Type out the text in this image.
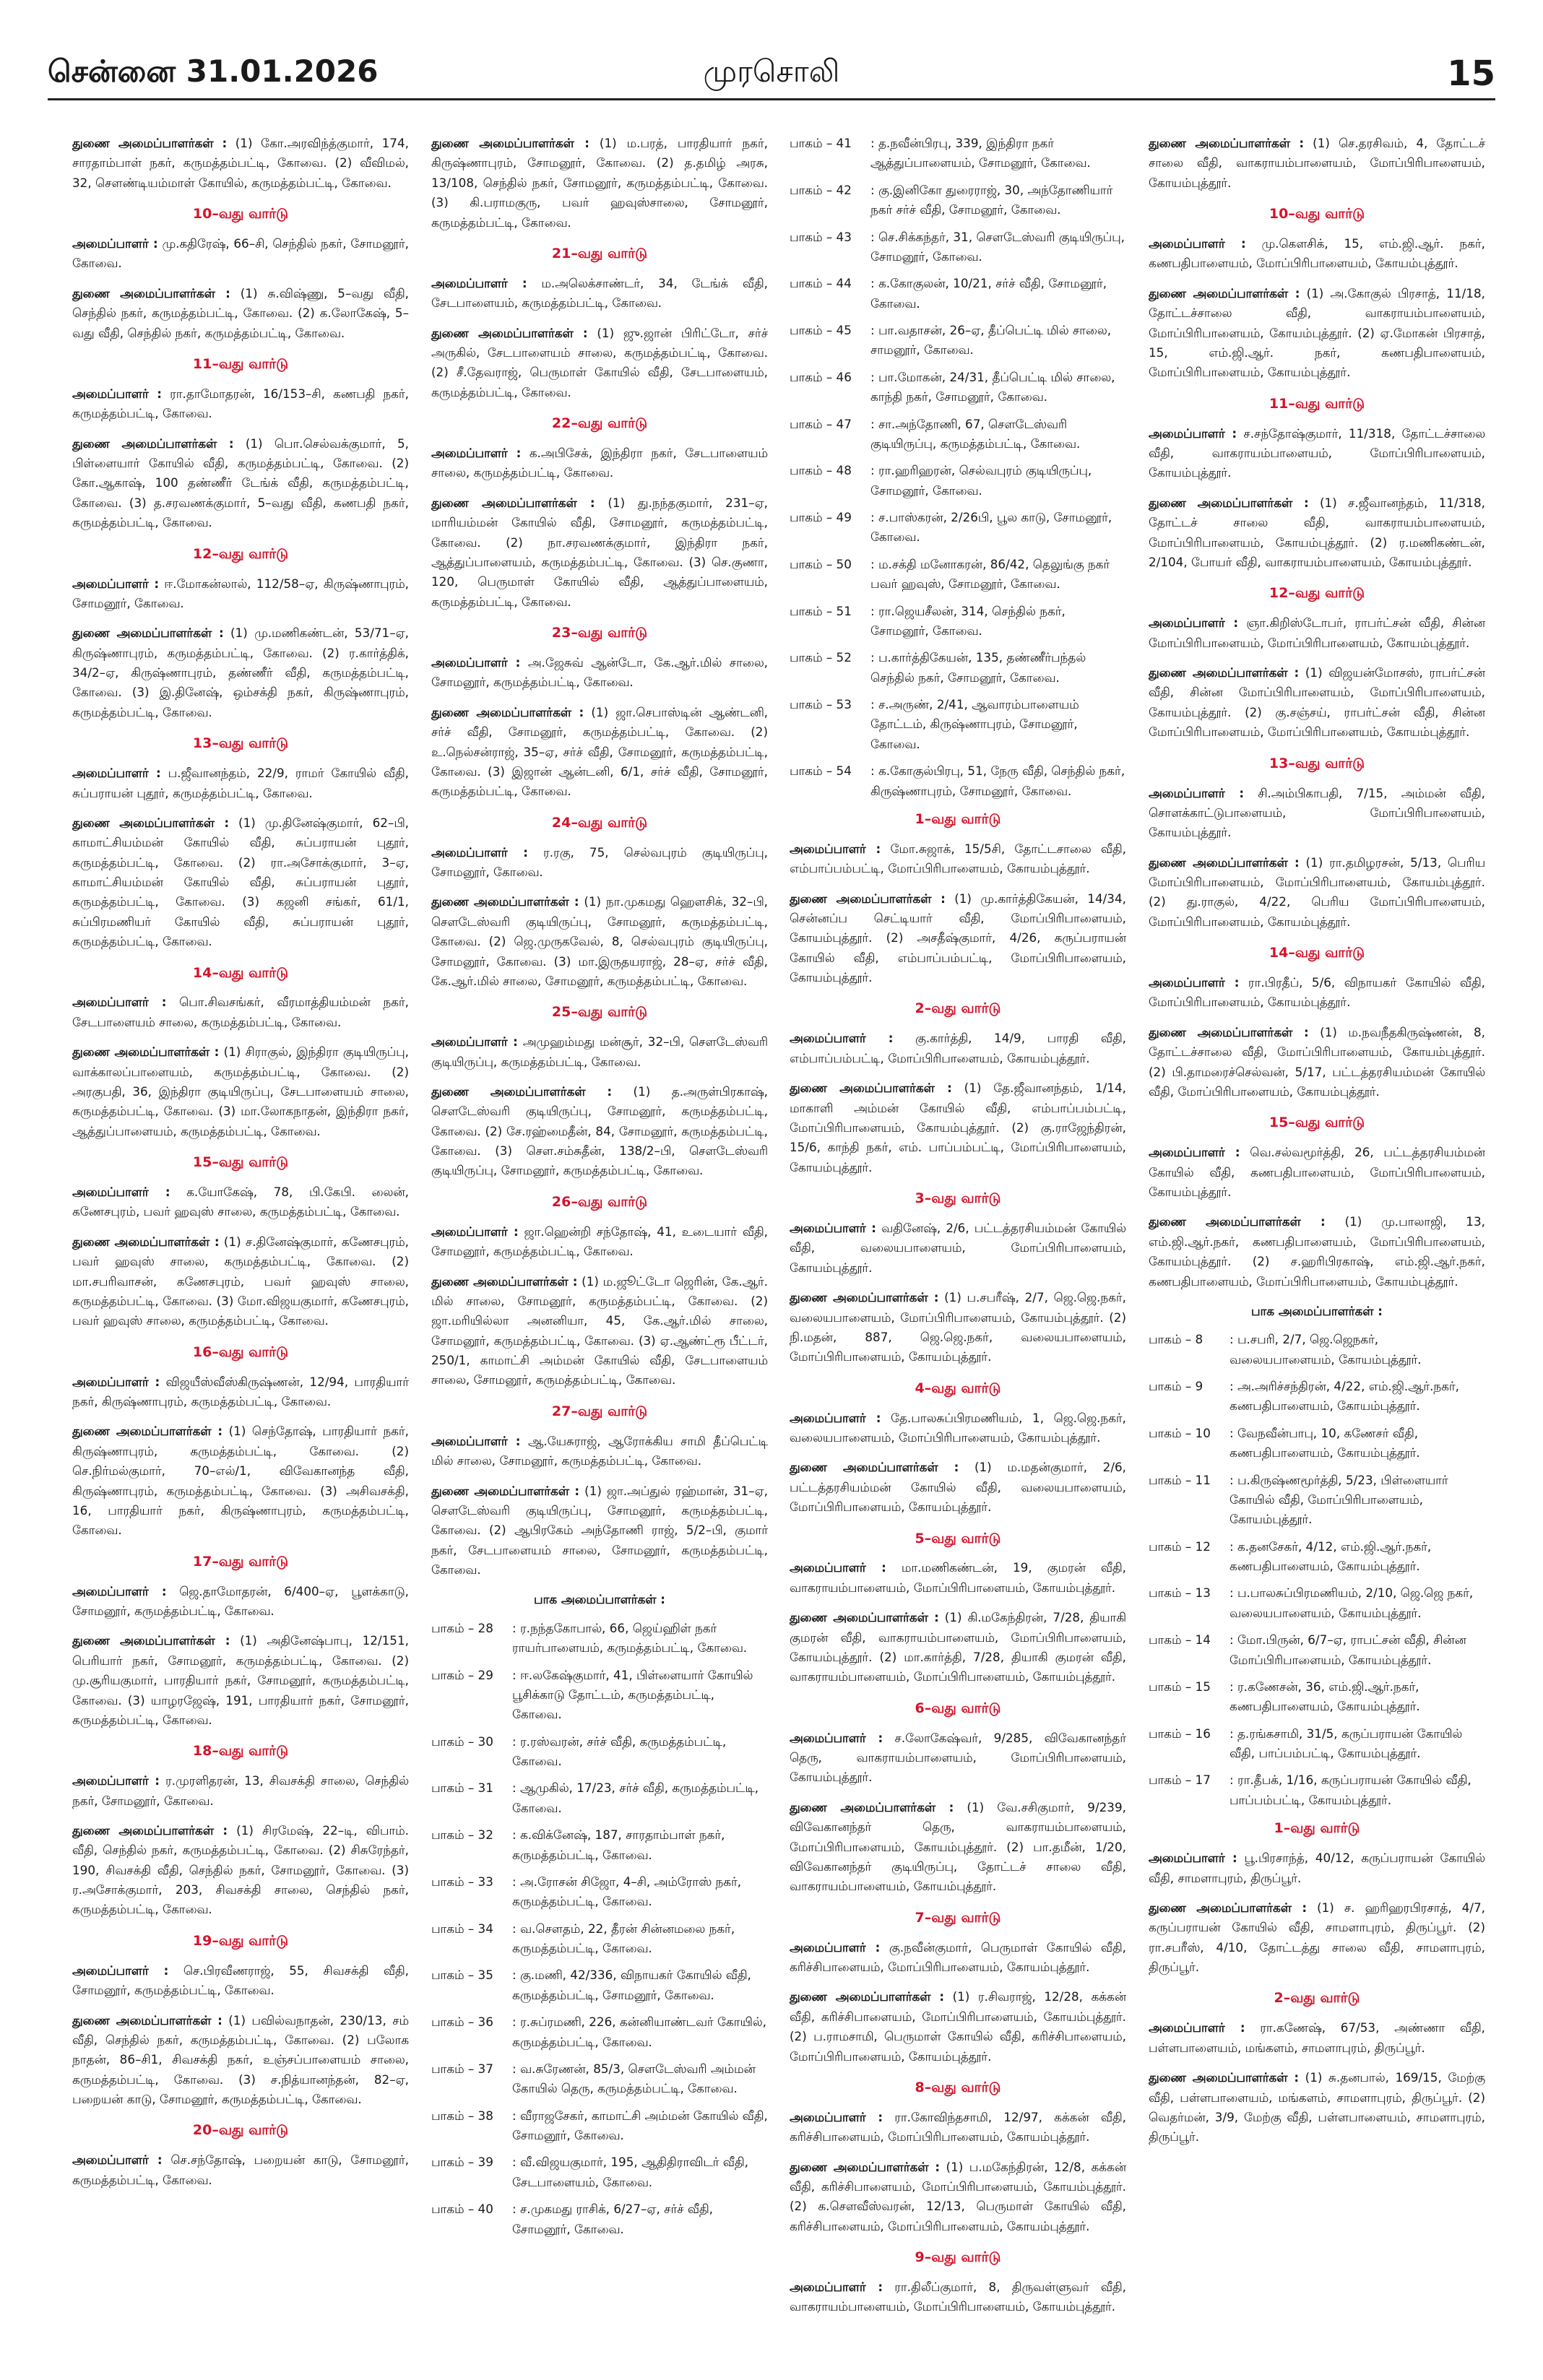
சென்னை 31.01.2026	முரசொலி	15

துணை அமைப்பாளர்கள் : (1) கோ.அரவிந்த்குமார், 174, சாரதாம்பாள் நகர், கருமத்தம்பட்டி, கோவை. (2) வீவிமல், 32, சௌண்டியம்மாள் கோயில், கருமத்தம்பட்டி, கோவை.

10–வது வார்டு

அமைப்பாளர் : மு.கதிரேஷ், 66–சி, செந்தில் நகர், சோமனூர், கோவை.

துணை அமைப்பாளர்கள் : (1) சு.விஷ்ணு, 5–வது வீதி, செந்தில் நகர், கருமத்தம்பட்டி, கோவை. (2) க.லோகேஷ், 5–வது வீதி, செந்தில் நகர், கருமத்தம்பட்டி, கோவை.

11–வது வார்டு

அமைப்பாளர் : ரா.தாமோதரன், 16/153–சி, கணபதி நகர், கருமத்தம்பட்டி, கோவை.

துணை அமைப்பாளர்கள் : (1) பொ.செல்வக்குமார், 5, பிள்ளையார் கோயில் வீதி, கருமத்தம்பட்டி, கோவை. (2) கோ.ஆகாஷ், 100 தண்ணீர் டேங்க் வீதி, கருமத்தம்பட்டி, கோவை. (3) த.சரவணக்குமார், 5–வது வீதி, கணபதி நகர், கருமத்தம்பட்டி, கோவை.

12–வது வார்டு

அமைப்பாளர் : ஈ.மோகன்லால், 112/58–ஏ, கிருஷ்ணாபுரம், சோமனூர், கோவை.

துணை அமைப்பாளர்கள் : (1) மு.மணிகண்டன், 53/71–ஏ, கிருஷ்ணாபுரம், கருமத்தம்பட்டி, கோவை. (2) ர.கார்த்திக், 34/2–ஏ, கிருஷ்ணாபுரம், தண்ணீர் வீதி, கருமத்தம்பட்டி, கோவை. (3) இ.தினேஷ், ஒம்சக்தி நகர், கிருஷ்ணாபுரம், கருமத்தம்பட்டி, கோவை.

13–வது வார்டு

அமைப்பாளர் : ப.ஜீவானந்தம், 22/9, ராமர் கோயில் வீதி, சுப்பராயன் புதூர், கருமத்தம்பட்டி, கோவை.

துணை அமைப்பாளர்கள் : (1) மு.தினேஷ்குமார், 62–பி, காமாட்சியம்மன் கோயில் வீதி, சுப்பராயன் புதூர், கருமத்தம்பட்டி, கோவை. (2) ரா.அசோக்குமார், 3–ஏ, காமாட்சியம்மன் கோயில் வீதி, சுப்பராயன் புதூர், கருமத்தம்பட்டி, கோவை. (3) கஜனி சங்கர், 61/1, சுப்பிரமணியர் கோயில் வீதி, சுப்பராயன் புதூர், கருமத்தம்பட்டி, கோவை.

14–வது வார்டு

அமைப்பாளர் : பொ.சிவசங்கர், வீரமாத்தியம்மன் நகர், சேடபாளையம் சாலை, கருமத்தம்பட்டி, கோவை.

துணை அமைப்பாளர்கள் : (1) சிராகுல், இந்திரா குடியிருப்பு, வாக்காலப்பாளையம், கருமத்தம்பட்டி, கோவை. (2) அரகுபதி, 36, இந்திரா குடியிருப்பு, சேடபாளையம் சாலை, கருமத்தம்பட்டி, கோவை. (3) மா.லோகநாதன், இந்திரா நகர், ஆத்துப்பாளையம், கருமத்தம்பட்டி, கோவை.

15–வது வார்டு

அமைப்பாளர் : க.யோகேஷ், 78, பி.கேபி. லைன், கணேசபுரம், பவர் ஹவுஸ் சாலை, கருமத்தம்பட்டி, கோவை.

துணை அமைப்பாளர்கள் : (1) ச.தினேஷ்குமார், கணேசபுரம், பவர் ஹவுஸ் சாலை, கருமத்தம்பட்டி, கோவை. (2) மா.சபரிவாசன், கணேசபுரம், பவர் ஹவுஸ் சாலை, கருமத்தம்பட்டி, கோவை. (3) மோ.விஜயகுமார், கணேசபுரம், பவர் ஹவுஸ் சாலை, கருமத்தம்பட்டி, கோவை.

16–வது வார்டு

அமைப்பாளர் : விஜயீஸ்வீஸ்கிருஷ்ணன், 12/94, பாரதியார் நகர், கிருஷ்ணாபுரம், கருமத்தம்பட்டி, கோவை.

துணை அமைப்பாளர்கள் : (1) செந்தோஷ், பாரதியார் நகர், கிருஷ்ணாபுரம், கருமத்தம்பட்டி, கோவை. (2) செ.நிர்மல்குமார், 70–எல்/1, விவேகானந்த வீதி, கிருஷ்ணாபுரம், கருமத்தம்பட்டி, கோவை. (3) அசிவசக்தி, 16, பாரதியார் நகர், கிருஷ்ணாபுரம், கருமத்தம்பட்டி, கோவை.

17–வது வார்டு

அமைப்பாளர் : ஜெ.தாமோதரன், 6/400–ஏ, பூளக்காடு, சோமனூர், கருமத்தம்பட்டி, கோவை.

துணை அமைப்பாளர்கள் : (1) அதினேஷ்பாபு, 12/151, பெரியார் நகர், சோமனூர், கருமத்தம்பட்டி, கோவை. (2) மு.சூரியகுமார், பாரதியார் நகர், சோமனூர், கருமத்தம்பட்டி, கோவை. (3) யாழரஜேஷ், 191, பாரதியார் நகர், சோமனூர், கருமத்தம்பட்டி, கோவை.

18–வது வார்டு

அமைப்பாளர் : ர.முரளிதரன், 13, சிவசக்தி சாலை, செந்தில் நகர், சோமனூர், கோவை.

துணை அமைப்பாளர்கள் : (1) சிரமேஷ், 22–டி, விபாம். வீதி, செந்தில் நகர், கருமத்தம்பட்டி, கோவை. (2) சிசுரேந்தர், 190, சிவசக்தி வீதி, செந்தில் நகர், சோமனூர், கோவை. (3) ர.அசோக்குமார், 203, சிவசக்தி சாலை, செந்தில் நகர், கருமத்தம்பட்டி, கோவை.

19–வது வார்டு

அமைப்பாளர் : செ.பிரவீணராஜ், 55, சிவசக்தி வீதி, சோமனூர், கருமத்தம்பட்டி, கோவை.

துணை அமைப்பாளர்கள் : (1) பவில்வநாதன், 230/13, சம் வீதி, செந்தில் நகர், கருமத்தம்பட்டி, கோவை. (2) பலோக நாதன், 86–சி1, சிவசக்தி நகர், உஞ்சப்பாளையம் சாலை, கருமத்தம்பட்டி, கோவை. (3) ச.நித்யானந்தன், 82–ஏ, பறையன் காடு, சோமனூர், கருமத்தம்பட்டி, கோவை.

20–வது வார்டு

அமைப்பாளர் : செ.சந்தோஷ், பறையன் காடு, சோமனூர், கருமத்தம்பட்டி, கோவை.

துணை அமைப்பாளர்கள் : (1) ம.பரத், பாரதியார் நகர், கிருஷ்ணாபுரம், சோமனூர், கோவை. (2) த.தமிழ் அரசு, 13/108, செந்தில் நகர், சோமனூர், கருமத்தம்பட்டி, கோவை. (3) கி.பராமகுரு, பவர் ஹவுஸ்சாலை, சோமனூர், கருமத்தம்பட்டி, கோவை.

21–வது வார்டு

அமைப்பாளர் : ம.அலெக்சாண்டர், 34, டேங்க் வீதி, சேடபாளையம், கருமத்தம்பட்டி, கோவை.

துணை அமைப்பாளர்கள் : (1) ஜு.ஜான் பிரிட்டோ, சர்ச் அருகில், சேடபாளையம் சாலை, கருமத்தம்பட்டி, கோவை. (2) சீ.தேவராஜ், பெருமாள் கோயில் வீதி, சேடபாளையம், கருமத்தம்பட்டி, கோவை.

22–வது வார்டு

அமைப்பாளர் : க.அபிசேக், இந்திரா நகர், சேடபாளையம் சாலை, கருமத்தம்பட்டி, கோவை.

துணை அமைப்பாளர்கள் : (1) து.நந்தகுமார், 231–ஏ, மாரியம்மன் கோயில் வீதி, சோமனூர், கருமத்தம்பட்டி, கோவை. (2) நா.சரவணக்குமார், இந்திரா நகர், ஆத்துப்பாளையம், கருமத்தம்பட்டி, கோவை. (3) செ.குணா, 120, பெருமாள் கோயில் வீதி, ஆத்துப்பாளையம், கருமத்தம்பட்டி, கோவை.

23–வது வார்டு

அமைப்பாளர் : அ.ஜேசுவ் ஆன்டோ, கே.ஆர்.மில் சாலை, சோமனூர், கருமத்தம்பட்டி, கோவை.

துணை அமைப்பாளர்கள் : (1) ஜா.செபாஸ்டின் ஆண்டனி, சர்ச் வீதி, சோமனூர், கருமத்தம்பட்டி, கோவை. (2) உ.நெல்சன்ராஜ், 35–ஏ, சர்ச் வீதி, சோமனூர், கருமத்தம்பட்டி, கோவை. (3) இஜான் ஆன்டனி, 6/1, சர்ச் வீதி, சோமனூர், கருமத்தம்பட்டி, கோவை.

24–வது வார்டு

அமைப்பாளர் : ர.ரகு, 75, செல்வபுரம் குடியிருப்பு, சோமனூர், கோவை.

துணை அமைப்பாளர்கள் : (1) நா.முகமது ஹௌசிக், 32–பி, சௌடேஸ்வரி குடியிருப்பு, சோமனூர், கருமத்தம்பட்டி, கோவை. (2) ஜெ.முருகவேல், 8, செல்வபுரம் குடியிருப்பு, சோமனூர், கோவை. (3) மா.இருதயராஜ், 28–ஏ, சர்ச் வீதி, கே.ஆர்.மில் சாலை, சோமனூர், கருமத்தம்பட்டி, கோவை.

25–வது வார்டு

அமைப்பாளர் : அமுஹம்மது மன்சூர், 32–பி, சௌடேஸ்வரி குடியிருப்பு, கருமத்தம்பட்டி, கோவை.

துணை அமைப்பாளர்கள் : (1) த.அருள்பிரகாஷ், சௌடேஸ்வரி குடியிருப்பு, சோமனூர், கருமத்தம்பட்டி, கோவை. (2) சே.ரஹ்மைதீன், 84, சோமனூர், கருமத்தம்பட்டி, கோவை. (3) சௌ.சம்சுதீன், 138/2–பி, சௌடேஸ்வரி குடியிருப்பு, சோமனூர், கருமத்தம்பட்டி, கோவை.

26–வது வார்டு

அமைப்பாளர் : ஜா.ஹென்றி சந்தோஷ், 41, உடையார் வீதி, சோமனூர், கருமத்தம்பட்டி, கோவை.

துணை அமைப்பாளர்கள் : (1) ம.ஜூட்டோ ஜெரின், கே.ஆர். மில் சாலை, சோமனூர், கருமத்தம்பட்டி, கோவை. (2) ஜா.மரியில்லா அனனியா, 45, கே.ஆர்.மில் சாலை, சோமனூர், கருமத்தம்பட்டி, கோவை. (3) ஏ.ஆண்ட்ரூ பீட்டர், 250/1, காமாட்சி அம்மன் கோயில் வீதி, சேடபாளையம் சாலை, சோமனூர், கருமத்தம்பட்டி, கோவை.

27–வது வார்டு

அமைப்பாளர் : ஆ.யேசுராஜ், ஆரோக்கிய சாமி தீப்பெட்டி மில் சாலை, சோமனூர், கருமத்தம்பட்டி, கோவை.

துணை அமைப்பாளர்கள் : (1) ஜா.அப்துல் ரஹ்மான், 31–ஏ, சௌடேஸ்வரி குடியிருப்பு, சோமனூர், கருமத்தம்பட்டி, கோவை. (2) ஆபிரகேம் அந்தோணி ராஜ், 5/2–பி, குமார் நகர், சேடபாளையம் சாலை, சோமனூர், கருமத்தம்பட்டி, கோவை.

பாக அமைப்பாளர்கள் :
பாகம் – 28	: ர.நந்தகோபால், 66, ஜெய்ஹிள் நகர் ராயர்பாளையம், கருமத்தம்பட்டி, கோவை.
பாகம் – 29	: ஈ.லகேஷ்குமார், 41, பிள்ளையார் கோயில் பூசிக்காடு தோட்டம், கருமத்தம்பட்டி, கோவை.
பாகம் – 30	: ர.ரஸ்வரன், சர்ச் வீதி, கருமத்தம்பட்டி, கோவை.
பாகம் – 31	: ஆமுகில், 17/23, சர்ச் வீதி, கருமத்தம்பட்டி, கோவை.
பாகம் – 32	: க.விக்னேஷ், 187, சாரதாம்பாள் நகர், கருமத்தம்பட்டி, கோவை.
பாகம் – 33	: அ.ரோசன் சிஜோ, 4–சி, அம்ரோஸ் நகர், கருமத்தம்பட்டி, கோவை.
பாகம் – 34	: வ.சௌதம், 22, தீரன் சின்னமலை நகர், கருமத்தம்பட்டி, கோவை.
பாகம் – 35	: கு.மணி, 42/336, விநாயகர் கோயில் வீதி, கருமத்தம்பட்டி, சோமனூர், கோவை.
பாகம் – 36	: ர.சுப்ரமணி, 226, கன்னியாண்டவர் கோயில், கருமத்தம்பட்டி, கோவை.
பாகம் – 37	: வ.சுரேணன், 85/3, சௌடேஸ்வரி அம்மன் கோயில் தெரு, கருமத்தம்பட்டி, கோவை.
பாகம் – 38	: வீராஜசேகர், காமாட்சி அம்மன் கோயில் வீதி, சோமனூர், கோவை.
பாகம் – 39	: வீ.விஜயகுமார், 195, ஆதிதிராவிடர் வீதி, சேடபாளையம், கோவை.
பாகம் – 40	: ச.முகமது ராசிக், 6/27–ஏ, சர்ச் வீதி, சோமனூர், கோவை.
பாகம் – 41	: த.நவீன்பிரபு, 339, இந்திரா நகர் ஆத்துப்பாளையம், சோமனூர், கோவை.
பாகம் – 42	: கு.இனிகோ துரைராஜ், 30, அந்தோணியார் நகர் சர்ச் வீதி, சோமனூர், கோவை.
பாகம் – 43	: செ.சிக்கந்தர், 31, சௌடேஸ்வரி குடியிருப்பு, சோமனூர், கோவை.
பாகம் – 44	: க.கோகுலன், 10/21, சர்ச் வீதி, சோமனூர், கோவை.
பாகம் – 45	: பா.வதாசன், 26–ஏ, தீப்பெட்டி மில் சாலை, சாமனூர், கோவை.
பாகம் – 46	: பா.மோகன், 24/31, தீப்பெட்டி மில் சாலை, காந்தி நகர், சோமனூர், கோவை.
பாகம் – 47	: சா.அந்தோணி, 67, சௌடேஸ்வரி குடியிருப்பு, கருமத்தம்பட்டி, கோவை.
பாகம் – 48	: ரா.ஹரிஹரன், செல்வபுரம் குடியிருப்பு, சோமனூர், கோவை.
பாகம் – 49	: ச.பாஸ்கரன், 2/26பி, பூல காடு, சோமனூர், கோவை.
பாகம் – 50	: ம.சக்தி மனோகரன், 86/42, தெலுங்கு நகர் பவர் ஹவுஸ், சோமனூர், கோவை.
பாகம் – 51	: ரா.ஜெயசீலன், 314, செந்தில் நகர், சோமனூர், கோவை.
பாகம் – 52	: ப.கார்த்திகேயன், 135, தண்ணீர்பந்தல் செந்தில் நகர், சோமனூர், கோவை.
பாகம் – 53	: ச.அருண், 2/41, ஆவாரம்பாளையம் தோட்டம், கிருஷ்ணாபுரம், சோமனூர், கோவை.
பாகம் – 54	: க.கோகுல்பிரபு, 51, நேரு வீதி, செந்தில் நகர், கிருஷ்ணாபுரம், சோமனூர், கோவை.
1–வது வார்டு

அமைப்பாளர் : மோ.சுஜாக், 15/5சி, தோட்டசாலை வீதி, எம்பாப்பம்பட்டி, மோப்பிரிபாளையம், கோயம்புத்தூர்.

துணை அமைப்பாளர்கள் : (1) மு.கார்த்திகேயன், 14/34, சென்னப்ப செட்டியார் வீதி, மோப்பிரிபாளையம், கோயம்புத்தூர். (2) அசதீஷ்குமார், 4/26, கருப்பராயன் கோயில் வீதி, எம்பாப்பம்பட்டி, மோப்பிரிபாளையம், கோயம்புத்தூர்.

2–வது வார்டு

அமைப்பாளர் : கு.கார்த்தி, 14/9, பாரதி வீதி, எம்பாப்பம்பட்டி, மோப்பிரிபாளையம், கோயம்புத்தூர்.

துணை அமைப்பாளர்கள் : (1) தே.ஜீவானந்தம், 1/14, மாகாளி அம்மன் கோயில் வீதி, எம்பாப்பம்பட்டி, மோப்பிரிபாளையம், கோயம்புத்தூர். (2) கு.ராஜேந்திரன், 15/6, காந்தி நகர், எம். பாப்பம்பட்டி, மோப்பிரிபாளையம், கோயம்புத்தூர்.

3–வது வார்டு

அமைப்பாளர் : வதினேஷ், 2/6, பட்டத்தரசியம்மன் கோயில் வீதி, வலையபாளையம், மோப்பிரிபாளையம், கோயம்புத்தூர்.

துணை அமைப்பாளர்கள் : (1) ப.சபரீஷ், 2/7, ஜெ.ஜெ.நகர், வலையபாளையம், மோப்பிரிபாளையம், கோயம்புத்தூர். (2) நி.மதன், 887, ஜெ.ஜெ.நகர், வலையபாளையம், மோப்பிரிபாளையம், கோயம்புத்தூர்.

4–வது வார்டு

அமைப்பாளர் : தே.பாலசுப்பிரமணியம், 1, ஜெ.ஜெ.நகர், வலையபாளையம், மோப்பிரிபாளையம், கோயம்புத்தூர்.

துணை அமைப்பாளர்கள் : (1) ம.மதன்குமார், 2/6, பட்டத்தரசியம்மன் கோயில் வீதி, வலையபாளையம், மோப்பிரிபாளையம், கோயம்புத்தூர்.

5–வது வார்டு

அமைப்பாளர் : மா.மணிகண்டன், 19, குமரன் வீதி, வாகராயம்பாளையம், மோப்பிரிபாளையம், கோயம்புத்தூர்.

துணை அமைப்பாளர்கள் : (1) கி.மகேந்திரன், 7/28, தியாகி குமரன் வீதி, வாகராயம்பாளையம், மோப்பிரிபாளையம், கோயம்புத்தூர். (2) மா.கார்த்தி, 7/28, தியாகி குமரன் வீதி, வாகராயம்பாளையம், மோப்பிரிபாளையம், கோயம்புத்தூர்.

6–வது வார்டு

அமைப்பாளர் : ச.லோகேஷ்வர், 9/285, விவேகானந்தர் தெரு, வாகராயம்பாளையம், மோப்பிரிபாளையம், கோயம்புத்தூர்.

துணை அமைப்பாளர்கள் : (1) வே.சசிகுமார், 9/239, விவேகானந்தர் தெரு, வாகராயம்பாளையம், மோப்பிரிபாளையம், கோயம்புத்தூர். (2) பா.தமீன், 1/20, விவேகானந்தர் குடியிருப்பு, தோட்டச் சாலை வீதி, வாகராயம்பாளையம், கோயம்புத்தூர்.

7–வது வார்டு

அமைப்பாளர் : கு.நவீன்குமார், பெருமாள் கோயில் வீதி, கரிச்சிபாளையம், மோப்பிரிபாளையம், கோயம்புத்தூர்.

துணை அமைப்பாளர்கள் : (1) ர.சிவராஜ், 12/28, கக்கன் வீதி, கரிச்சிபாளையம், மோப்பிரிபாளையம், கோயம்புத்தூர். (2) ப.ராமசாமி, பெருமாள் கோயில் வீதி, கரிச்சிபாளையம், மோப்பிரிபாளையம், கோயம்புத்தூர்.

8–வது வார்டு

அமைப்பாளர் : ரா.கோவிந்தசாமி, 12/97, கக்கன் வீதி, கரிச்சிபாளையம், மோப்பிரிபாளையம், கோயம்புத்தூர்.

துணை அமைப்பாளர்கள் : (1) ப.மகேந்திரன், 12/8, கக்கன் வீதி, கரிச்சிபாளையம், மோப்பிரிபாளையம், கோயம்புத்தூர். (2) க.சௌவீஸ்வரன், 12/13, பெருமாள் கோயில் வீதி, கரிச்சிபாளையம், மோப்பிரிபாளையம், கோயம்புத்தூர்.

9–வது வார்டு

அமைப்பாளர் : ரா.திலீப்குமார், 8, திருவள்ளுவர் வீதி, வாகராயம்பாளையம், மோப்பிரிபாளையம், கோயம்புத்தூர்.

துணை அமைப்பாளர்கள் : (1) செ.தரசிவம், 4, தோட்டச் சாலை வீதி, வாகராயம்பாளையம், மோப்பிரிபாளையம், கோயம்புத்தூர்.

10–வது வார்டு

அமைப்பாளர் : மு.கௌசிக், 15, எம்.ஜி.ஆர். நகர், கணபதிபாளையம், மோப்பிரிபாளையம், கோயம்புத்தூர்.

துணை அமைப்பாளர்கள் : (1) அ.கோகுல் பிரசாத், 11/18, தோட்டச்சாலை வீதி, வாகராயம்பாளையம், மோப்பிரிபாளையம், கோயம்புத்தூர். (2) ஏ.மோகன் பிரசாத், 15, எம்.ஜி.ஆர். நகர், கணபதிபாளையம், மோப்பிரிபாளையம், கோயம்புத்தூர்.

11–வது வார்டு

அமைப்பாளர் : ச.சந்தோஷ்குமார், 11/318, தோட்டச்சாலை வீதி, வாகராயம்பாளையம், மோப்பிரிபாளையம், கோயம்புத்தூர்.

துணை அமைப்பாளர்கள் : (1) ச.ஜீவானந்தம், 11/318, தோட்டச் சாலை வீதி, வாகராயம்பாளையம், மோப்பிரிபாளையம், கோயம்புத்தூர். (2) ர.மணிகண்டன், 2/104, போயர் வீதி, வாகராயம்பாளையம், கோயம்புத்தூர்.

12–வது வார்டு

அமைப்பாளர் : ஞா.கிறிஸ்டோபர், ராபர்ட்சன் வீதி, சின்ன மோப்பிரிபாளையம், மோப்பிரிபாளையம், கோயம்புத்தூர்.

துணை அமைப்பாளர்கள் : (1) விஜயன்மோசஸ், ராபர்ட்சன் வீதி, சின்ன மோப்பிரிபாளையம், மோப்பிரிபாளையம், கோயம்புத்தூர். (2) கு.சஞ்சய், ராபர்ட்சன் வீதி, சின்ன மோப்பிரிபாளையம், மோப்பிரிபாளையம், கோயம்புத்தூர்.

13–வது வார்டு

அமைப்பாளர் : சி.அம்பிகாபதி, 7/15, அம்மன் வீதி, சொளக்காட்டுபாளையம், மோப்பிரிபாளையம், கோயம்புத்தூர்.

துணை அமைப்பாளர்கள் : (1) ரா.தமிழரசன், 5/13, பெரிய மோப்பிரிபாளையம், மோப்பிரிபாளையம், கோயம்புத்தூர். (2) து.ராகுல், 4/22, பெரிய மோப்பிரிபாளையம், மோப்பிரிபாளையம், கோயம்புத்தூர்.

14–வது வார்டு

அமைப்பாளர் : ரா.பிரதீப், 5/6, விநாயகர் கோயில் வீதி, மோப்பிரிபாளையம், கோயம்புத்தூர்.

துணை அமைப்பாளர்கள் : (1) ம.நவநீதகிருஷ்ணன், 8, தோட்டச்சாலை வீதி, மோப்பிரிபாளையம், கோயம்புத்தூர். (2) பி.தாமரைச்செல்வன், 5/17, பட்டத்தரசியம்மன் கோயில் வீதி, மோப்பிரிபாளையம், கோயம்புத்தூர்.

15–வது வார்டு

அமைப்பாளர் : வெ.சல்வமூர்த்தி, 26, பட்டத்தரசியம்மன் கோயில் வீதி, கணபதிபாளையம், மோப்பிரிபாளையம், கோயம்புத்தூர்.

துணை அமைப்பாளர்கள் : (1) மு.பாலாஜி, 13, எம்.ஜி.ஆர்.நகர், கணபதிபாளையம், மோப்பிரிபாளையம், கோயம்புத்தூர். (2) ச.ஹரிபிரகாஷ், எம்.ஜி.ஆர்.நகர், கணபதிபாளையம், மோப்பிரிபாளையம், கோயம்புத்தூர்.

பாக அமைப்பாளர்கள் :
பாகம் – 8	: ப.சபரி, 2/7, ஜெ.ஜெநகர், வலையபாளையம், கோயம்புத்தூர்.
பாகம் – 9	: அ.அரிச்சந்திரன், 4/22, எம்.ஜி.ஆர்.நகர், கணபதிபாளையம், கோயம்புத்தூர்.
பாகம் – 10	: வேநவீன்பாபு, 10, கணேசர் வீதி, கணபதிபாளையம், கோயம்புத்தூர்.
பாகம் – 11	: ப.கிருஷ்ணமூர்த்தி, 5/23, பிள்ளையார் கோயில் வீதி, மோப்பிரிபாளையம், கோயம்புத்தூர்.
பாகம் – 12	: க.தனசேகர், 4/12, எம்.ஜி.ஆர்.நகர், கணபதிபாளையம், கோயம்புத்தூர்.
பாகம் – 13	: ப.பாலசுப்பிரமணியம், 2/10, ஜெ.ஜெ நகர், வலையபாளையம், கோயம்புத்தூர்.
பாகம் – 14	: மோ.பிருன், 6/7–ஏ, ராபட்சன் வீதி, சின்ன மோப்பிரிபாளையம், கோயம்புத்தூர்.
பாகம் – 15	: ர.கணேசன், 36, எம்.ஜி.ஆர்.நகர், கணபதிபாளையம், கோயம்புத்தூர்.
பாகம் – 16	: த.ரங்கசாமி, 31/5, கருப்பராயன் கோயில் வீதி, பாப்பம்பட்டி, கோயம்புத்தூர்.
பாகம் – 17	: ரா.தீபக், 1/16, கருப்பராயன் கோயில் வீதி, பாப்பம்பட்டி, கோயம்புத்தூர்.
1–வது வார்டு

அமைப்பாளர் : பூ.பிரசாந்த், 40/12, கருப்பராயன் கோயில் வீதி, சாமளாபுரம், திருப்பூர்.

துணை அமைப்பாளர்கள் : (1) ச. ஹரிஹரபிரசாத், 4/7, கருப்பராயன் கோயில் வீதி, சாமளாபுரம், திருப்பூர். (2) ரா.சபரீஸ், 4/10, தோட்டத்து சாலை வீதி, சாமளாபுரம், திருப்பூர்.

2–வது வார்டு

அமைப்பாளர் : ரா.கணேஷ், 67/53, அண்ணா வீதி, பள்ளபாளையம், மங்களம், சாமளாபுரம், திருப்பூர்.

துணை அமைப்பாளர்கள் : (1) சு.தனபால், 169/15, மேற்கு வீதி, பள்ளபாளையம், மங்களம், சாமளாபுரம், திருப்பூர். (2) வெதர்மன், 3/9, மேற்கு வீதி, பள்ளபாளையம், சாமளாபுரம், திருப்பூர்.
